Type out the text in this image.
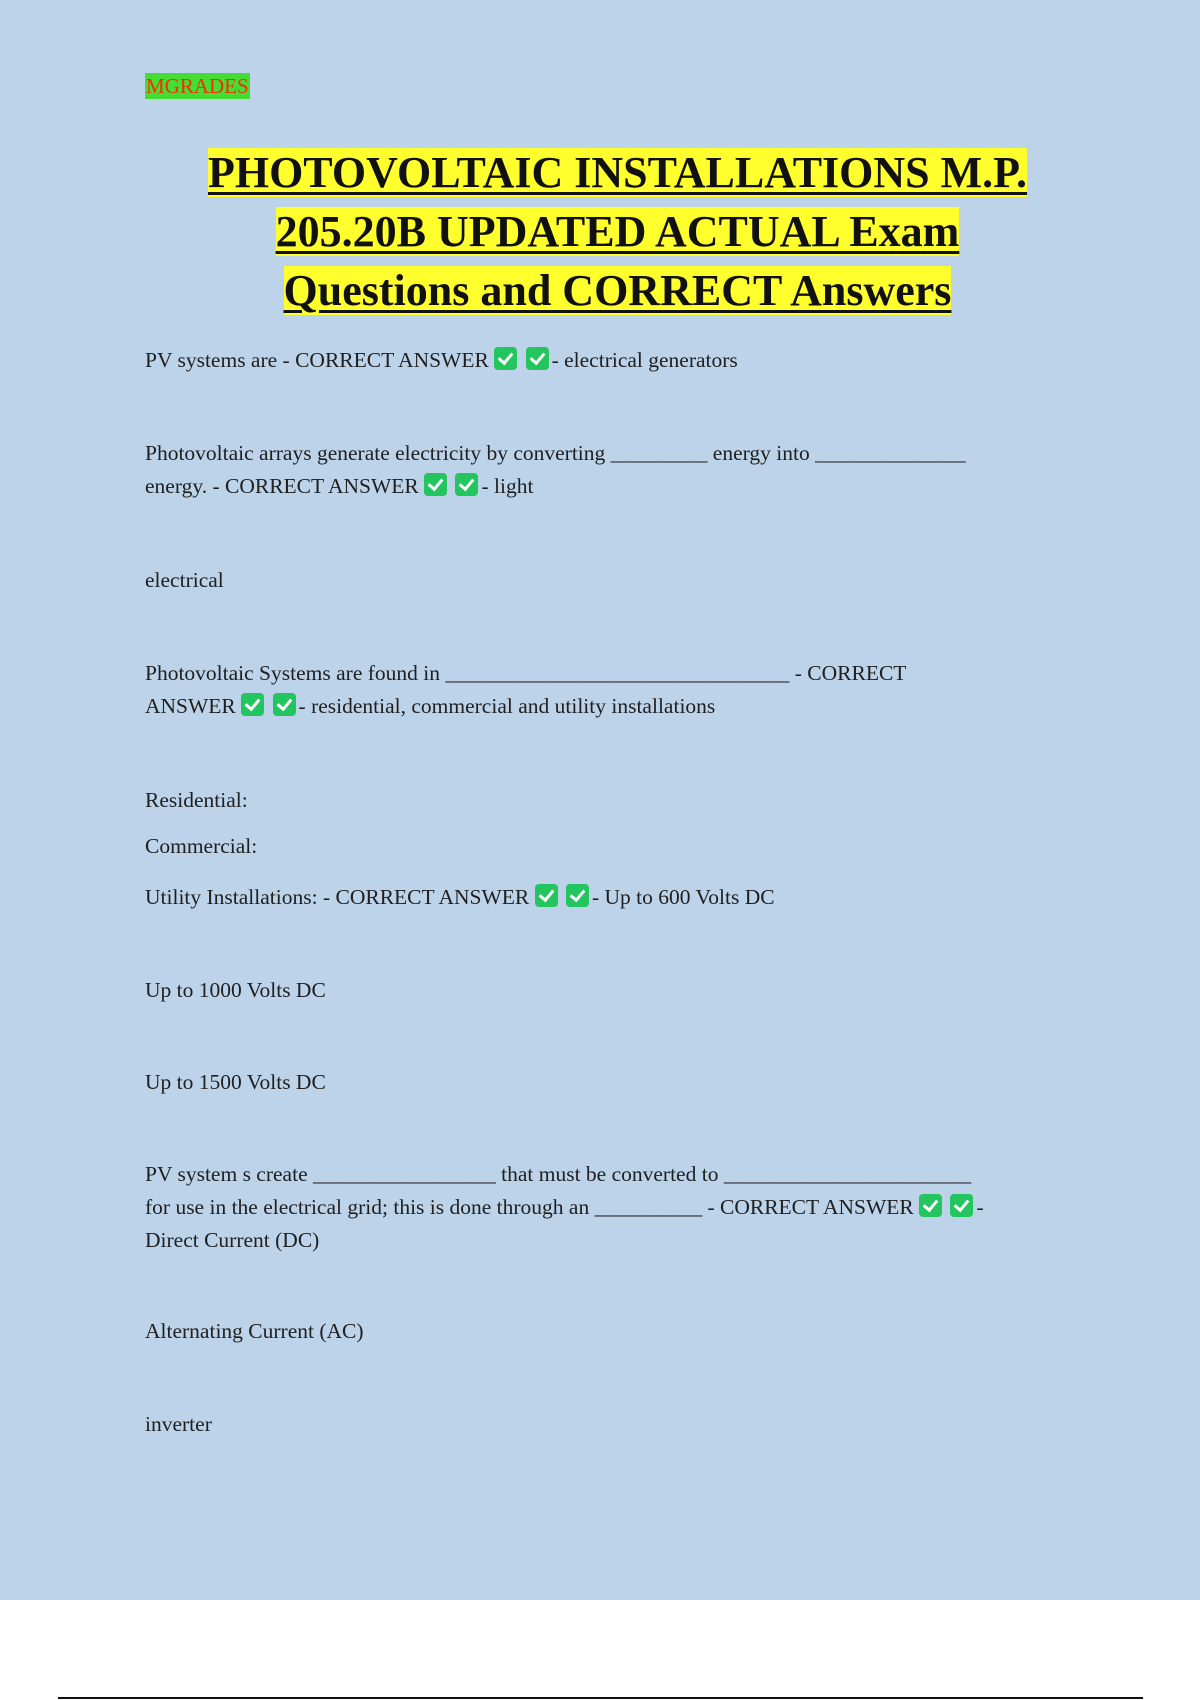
MGRADES
PHOTOVOLTAIC INSTALLATIONS M.P.
205.20B UPDATED ACTUAL Exam
Questions and CORRECT Answers
PV systems are - CORRECT ANSWER	- electrical generators
Photovoltaic arrays generate electricity by converting _________ energy into ______________
energy. - CORRECT ANSWER	- light
electrical
Photovoltaic Systems are found in ________________________________ - CORRECT
ANSWER	- residential, commercial and utility installations
Residential:
Commercial:
Utility Installations: - CORRECT ANSWER	- Up to 600 Volts DC
Up to 1000 Volts DC
Up to 1500 Volts DC
PV system s create _________________ that must be converted to _______________________
for use in the electrical grid; this is done through an __________ - CORRECT ANSWER	-
Direct Current (DC)
Alternating Current (AC)
inverter
